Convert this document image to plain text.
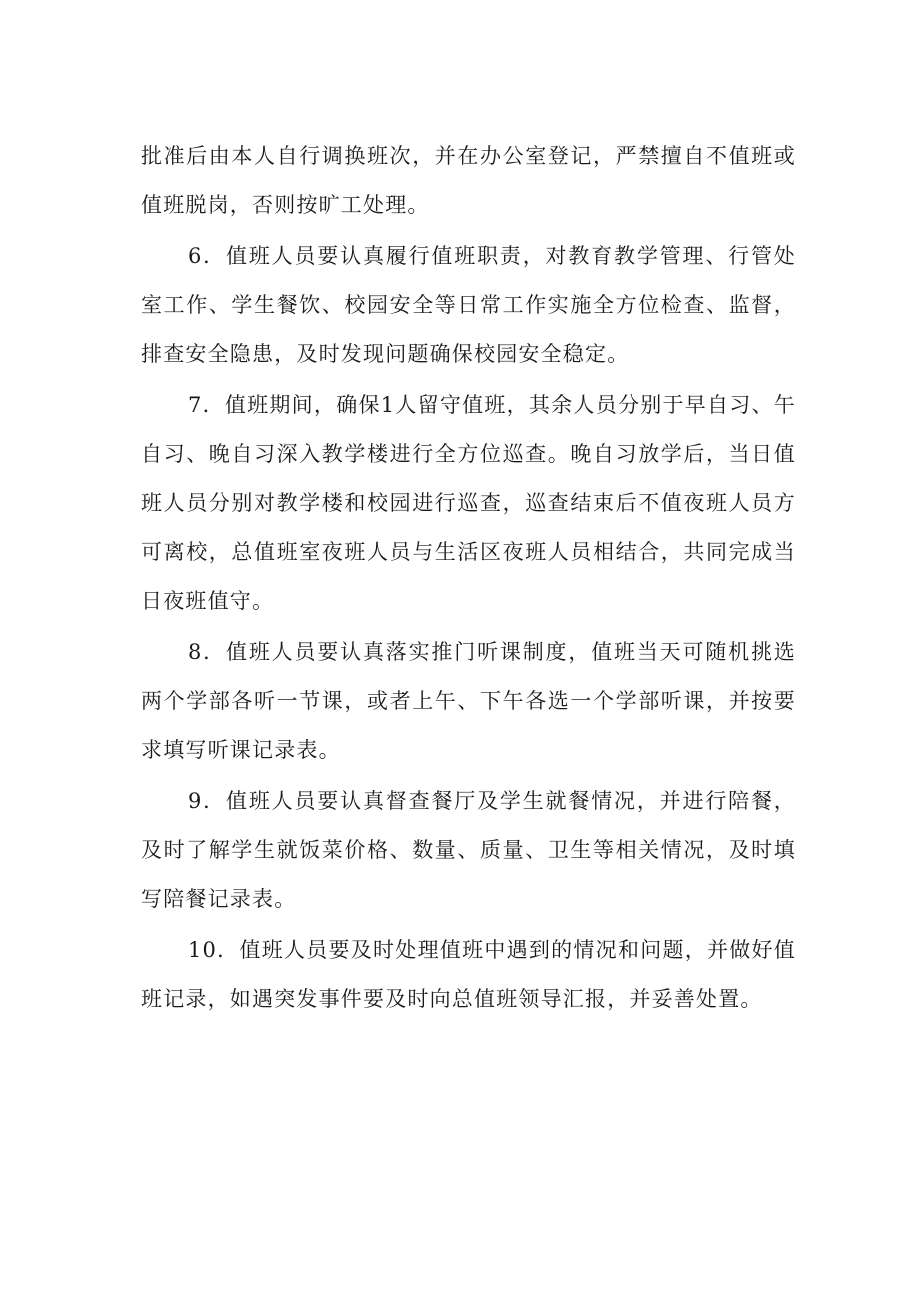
批准后由本人自行调换班次，并在办公室登记，严禁擅自不值班或值班脱岗，否则按旷工处理。

6．值班人员要认真履行值班职责，对教育教学管理、行管处室工作、学生餐饮、校园安全等日常工作实施全方位检查、监督，排查安全隐患，及时发现问题确保校园安全稳定。

7．值班期间，确保1人留守值班，其余人员分别于早自习、午自习、晚自习深入教学楼进行全方位巡查。晚自习放学后，当日值班人员分别对教学楼和校园进行巡查，巡查结束后不值夜班人员方可离校，总值班室夜班人员与生活区夜班人员相结合，共同完成当日夜班值守。

8．值班人员要认真落实推门听课制度，值班当天可随机挑选两个学部各听一节课，或者上午、下午各选一个学部听课，并按要求填写听课记录表。

9．值班人员要认真督查餐厅及学生就餐情况，并进行陪餐，及时了解学生就饭菜价格、数量、质量、卫生等相关情况，及时填写陪餐记录表。

10．值班人员要及时处理值班中遇到的情况和问题，并做好值班记录，如遇突发事件要及时向总值班领导汇报，并妥善处置。
